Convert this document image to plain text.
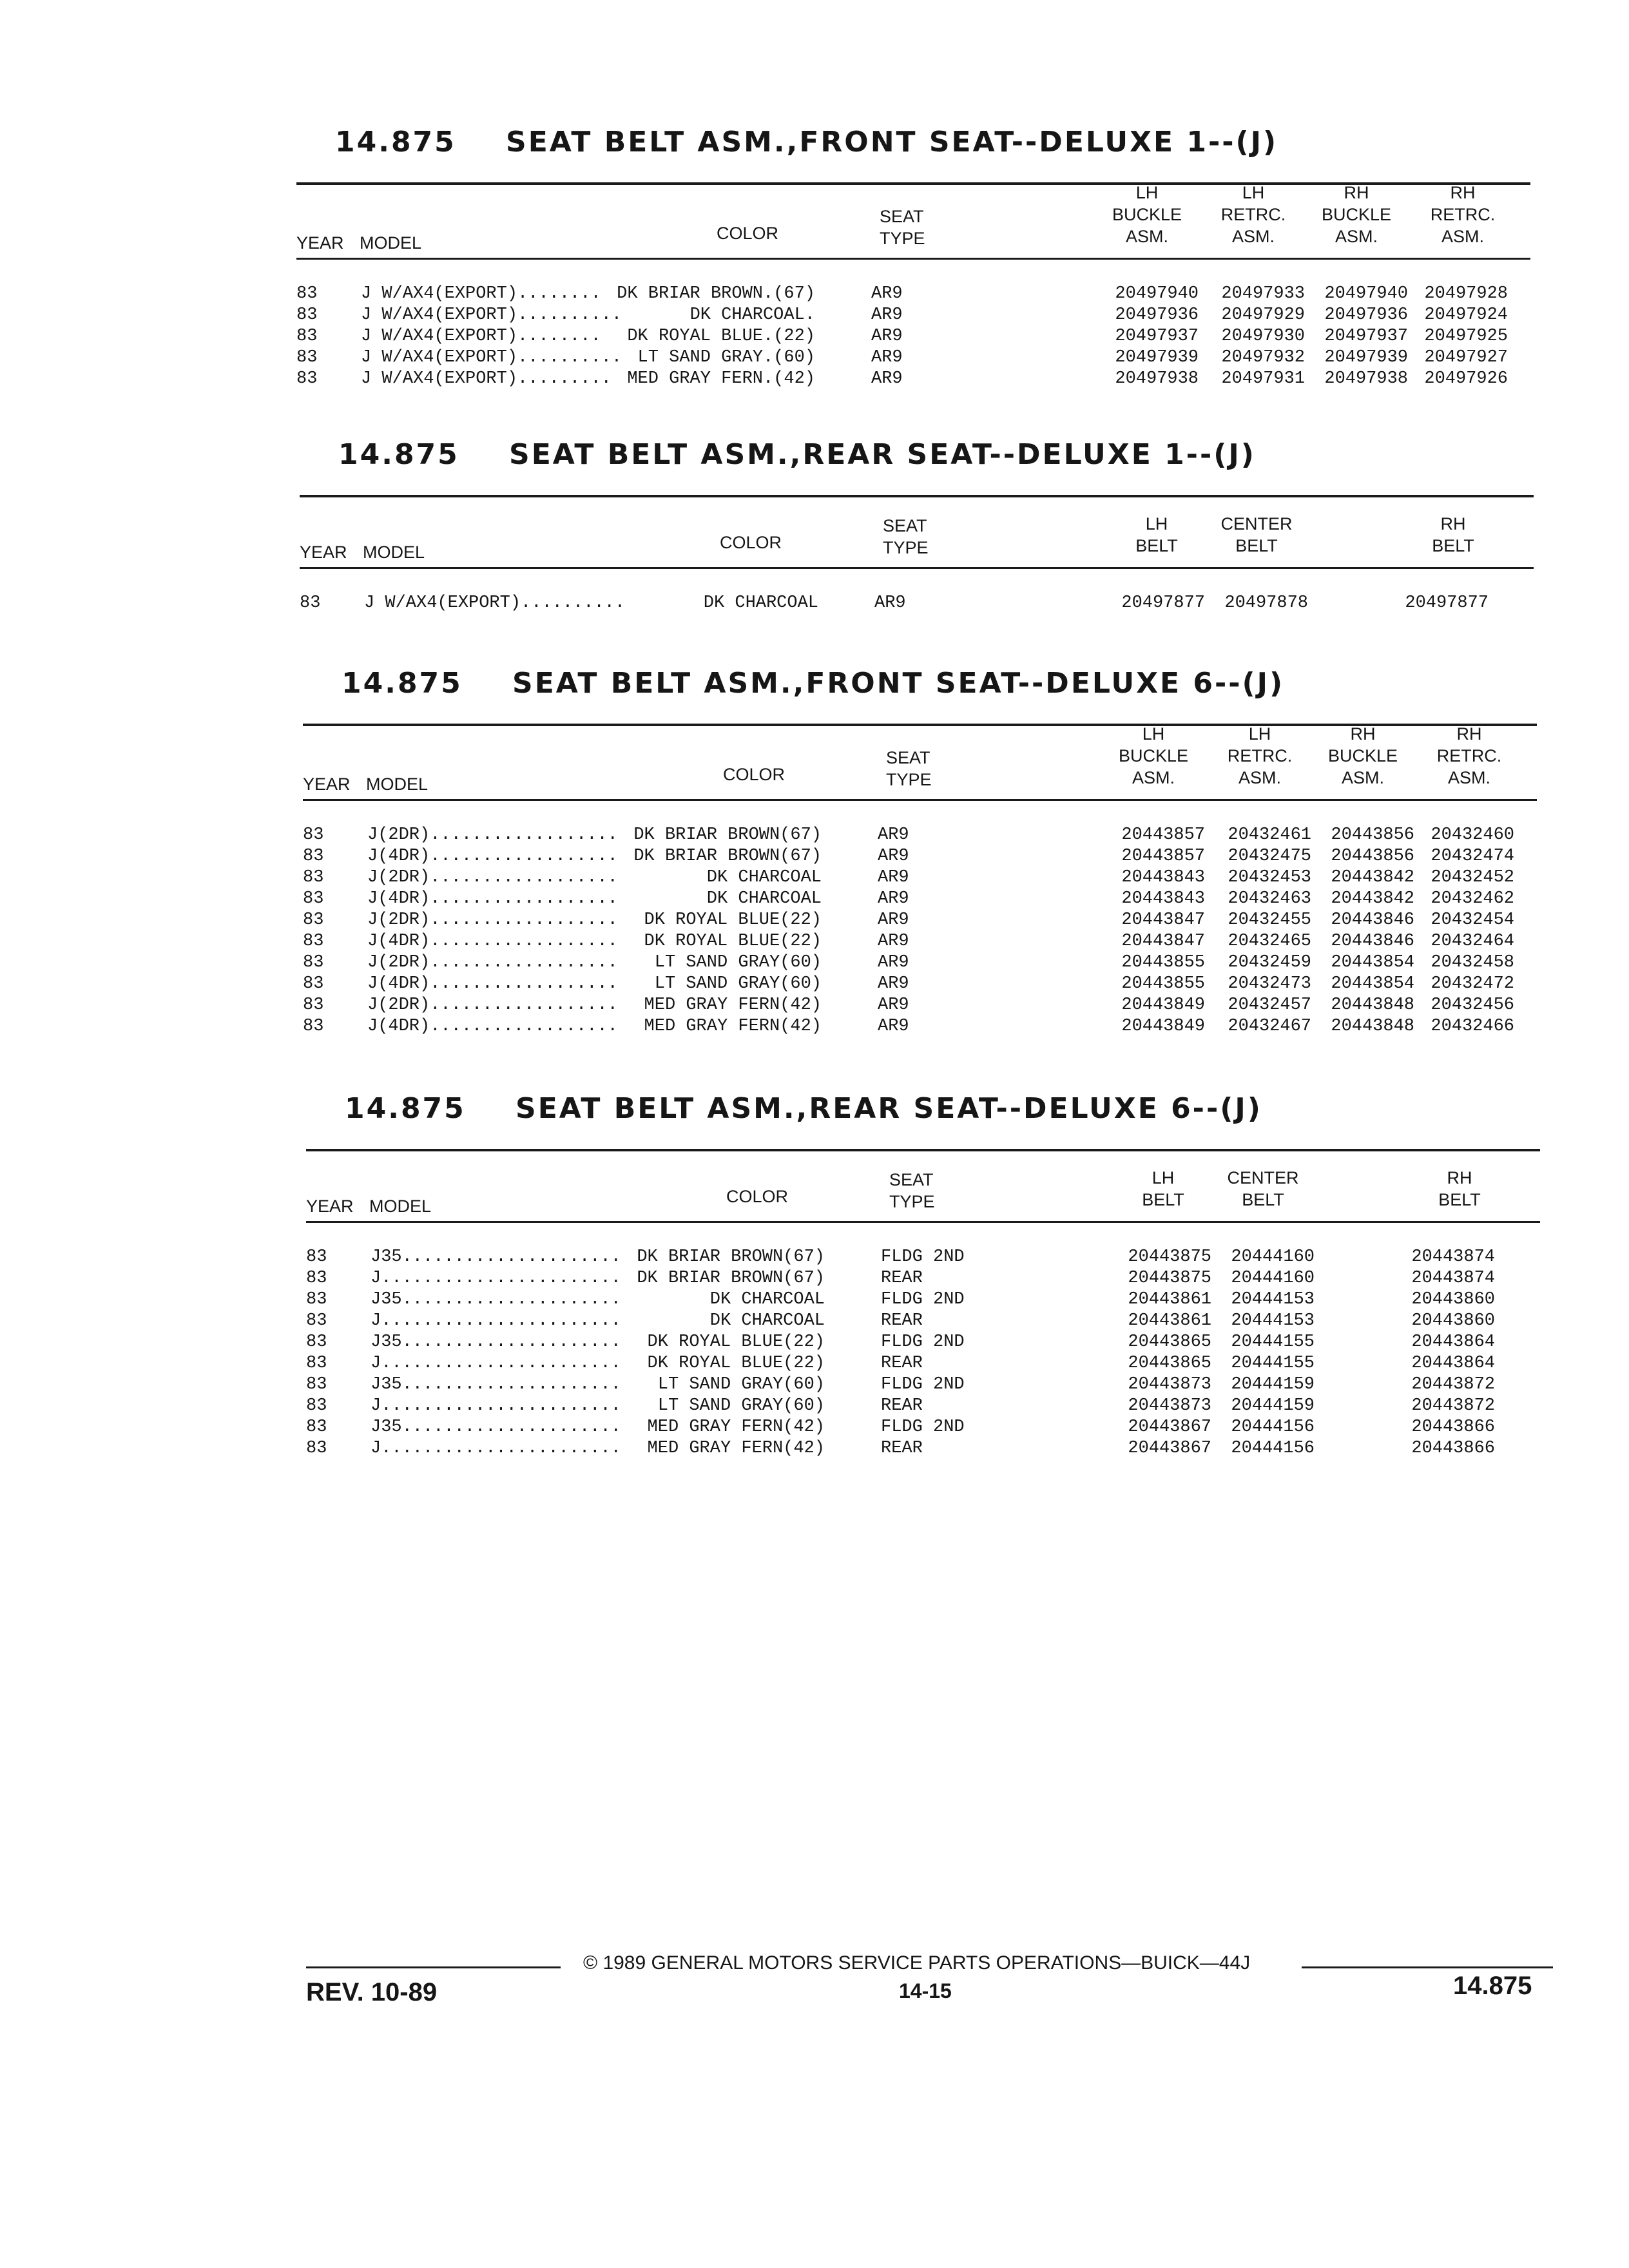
14.875 SEAT BELT ASM.,FRONT SEAT--DELUXE 1--(J)
YEAR MODEL
COLOR
SEAT
TYPE
LH
BUCKLE
ASM.
LH
RETRC.
ASM.
RH
BUCKLE
ASM.
RH
RETRC.
ASM.
83	J W/AX4(EXPORT)........ DK BRIAR BROWN.(67)	AR9	20497940 20497933 20497940 20497928
83	J W/AX4(EXPORT)..........	DK CHARCOAL.	AR9	20497936 20497929 20497936 20497924
83	J W/AX4(EXPORT)........ DK ROYAL BLUE.(22)	AR9	20497937 20497930 20497937 20497925
83	J W/AX4(EXPORT).......... LT SAND GRAY.(60)	AR9	20497939 20497932 20497939 20497927
83	J W/AX4(EXPORT)......... MED GRAY FERN.(42)	AR9	20497938 20497931 20497938 20497926
14.875 SEAT BELT ASM.,REAR SEAT--DELUXE 1--(J)
YEAR MODEL
COLOR
SEAT
TYPE
LH
BELT
CENTER
BELT
RH
BELT
83	J W/AX4(EXPORT)..........	DK CHARCOAL	AR9	20497877 20497878	20497877
14.875 SEAT BELT ASM.,FRONT SEAT--DELUXE 6--(J)
YEAR MODEL
COLOR
SEAT
TYPE
LH
BUCKLE
ASM.
LH
RETRC.
ASM.
RH
BUCKLE
ASM.
RH
RETRC.
ASM.
83	J(2DR).................. DK BRIAR BROWN(67)	AR9	20443857 20432461 20443856 20432460
83	J(4DR).................. DK BRIAR BROWN(67)	AR9	20443857 20432475 20443856 20432474
83	J(2DR)..................	DK CHARCOAL	AR9	20443843 20432453 20443842 20432452
83	J(4DR)..................	DK CHARCOAL	AR9	20443843 20432463 20443842 20432462
83	J(2DR).................. DK ROYAL BLUE(22)	AR9	20443847 20432455 20443846 20432454
83	J(4DR).................. DK ROYAL BLUE(22)	AR9	20443847 20432465 20443846 20432464
83	J(2DR).................. LT SAND GRAY(60)	AR9	20443855 20432459 20443854 20432458
83	J(4DR).................. LT SAND GRAY(60)	AR9	20443855 20432473 20443854 20432472
83	J(2DR).................. MED GRAY FERN(42)	AR9	20443849 20432457 20443848 20432456
83	J(4DR).................. MED GRAY FERN(42)	AR9	20443849 20432467 20443848 20432466
14.875 SEAT BELT ASM.,REAR SEAT--DELUXE 6--(J)
YEAR MODEL
COLOR
SEAT
TYPE
LH
BELT
CENTER
BELT
RH
BELT
83	J35..................... DK BRIAR BROWN(67)	FLDG 2ND	20443875 20444160	20443874
83	J....................... DK BRIAR BROWN(67)	REAR	20443875 20444160	20443874
83	J35.....................	DK CHARCOAL	FLDG 2ND	20443861 20444153	20443860
83	J.......................	DK CHARCOAL	REAR	20443861 20444153	20443860
83	J35..................... DK ROYAL BLUE(22)	FLDG 2ND	20443865 20444155	20443864
83	J....................... DK ROYAL BLUE(22)	REAR	20443865 20444155	20443864
83	J35..................... LT SAND GRAY(60)	FLDG 2ND	20443873 20444159	20443872
83	J....................... LT SAND GRAY(60)	REAR	20443873 20444159	20443872
83	J35..................... MED GRAY FERN(42)	FLDG 2ND	20443867 20444156	20443866
83	J....................... MED GRAY FERN(42)	REAR	20443867 20444156	20443866
© 1989 GENERAL MOTORS SERVICE PARTS OPERATIONS—BUICK—44J
REV. 10-89	14-15	14.875
